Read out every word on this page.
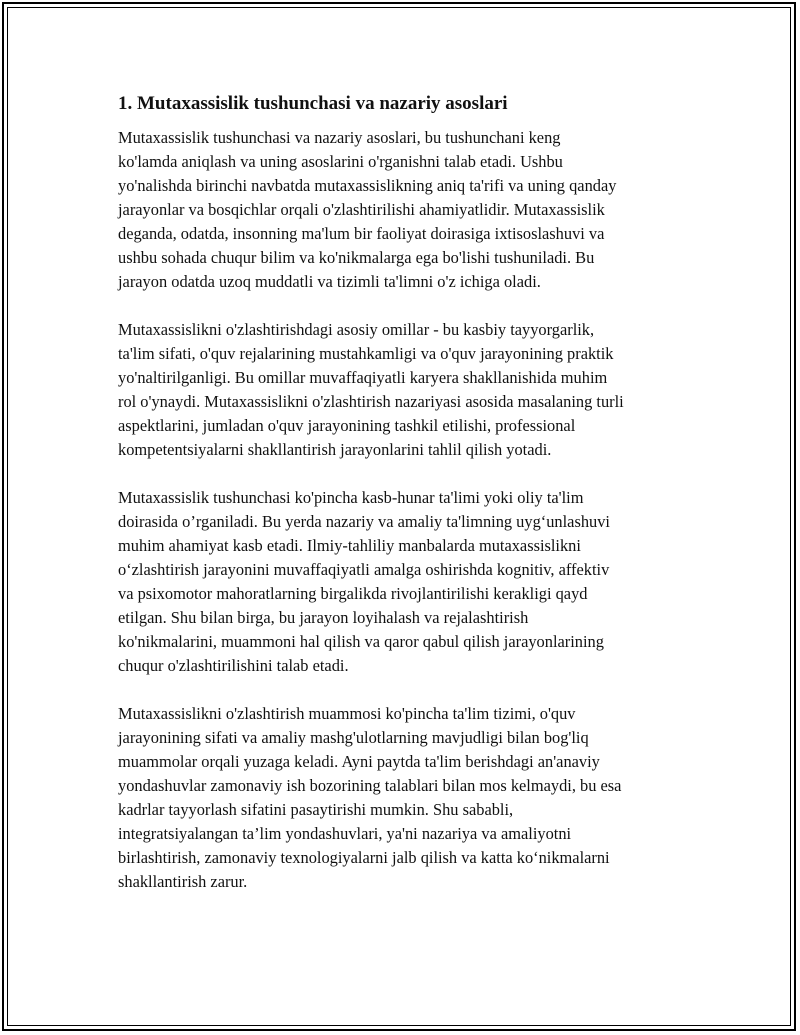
1. Mutaxassislik tushunchasi va nazariy asoslari

Mutaxassislik tushunchasi va nazariy asoslari, bu tushunchani keng
ko'lamda aniqlash va uning asoslarini o'rganishni talab etadi. Ushbu
yo'nalishda birinchi navbatda mutaxassislikning aniq ta'rifi va uning qanday
jarayonlar va bosqichlar orqali o'zlashtirilishi ahamiyatlidir. Mutaxassislik
deganda, odatda, insonning ma'lum bir faoliyat doirasiga ixtisoslashuvi va
ushbu sohada chuqur bilim va ko'nikmalarga ega bo'lishi tushuniladi. Bu
jarayon odatda uzoq muddatli va tizimli ta'limni o'z ichiga oladi.

Mutaxassislikni o'zlashtirishdagi asosiy omillar - bu kasbiy tayyorgarlik,
ta'lim sifati, o'quv rejalarining mustahkamligi va o'quv jarayonining praktik
yo'naltirilganligi. Bu omillar muvaffaqiyatli karyera shakllanishida muhim
rol o'ynaydi. Mutaxassislikni o'zlashtirish nazariyasi asosida masalaning turli
aspektlarini, jumladan o'quv jarayonining tashkil etilishi, professional
kompetentsiyalarni shakllantirish jarayonlarini tahlil qilish yotadi.

Mutaxassislik tushunchasi ko'pincha kasb-hunar ta'limi yoki oliy ta'lim
doirasida o’rganiladi. Bu yerda nazariy va amaliy ta'limning uyg‘unlashuvi
muhim ahamiyat kasb etadi. Ilmiy-tahliliy manbalarda mutaxassislikni
o‘zlashtirish jarayonini muvaffaqiyatli amalga oshirishda kognitiv, affektiv
va psixomotor mahoratlarning birgalikda rivojlantirilishi kerakligi qayd
etilgan. Shu bilan birga, bu jarayon loyihalash va rejalashtirish
ko'nikmalarini, muammoni hal qilish va qaror qabul qilish jarayonlarining
chuqur o'zlashtirilishini talab etadi.

Mutaxassislikni o'zlashtirish muammosi ko'pincha ta'lim tizimi, o'quv
jarayonining sifati va amaliy mashg'ulotlarning mavjudligi bilan bog'liq
muammolar orqali yuzaga keladi. Ayni paytda ta'lim berishdagi an'anaviy
yondashuvlar zamonaviy ish bozorining talablari bilan mos kelmaydi, bu esa
kadrlar tayyorlash sifatini pasaytirishi mumkin. Shu sababli,
integratsiyalangan ta’lim yondashuvlari, ya'ni nazariya va amaliyotni
birlashtirish, zamonaviy texnologiyalarni jalb qilish va katta ko‘nikmalarni
shakllantirish zarur.
